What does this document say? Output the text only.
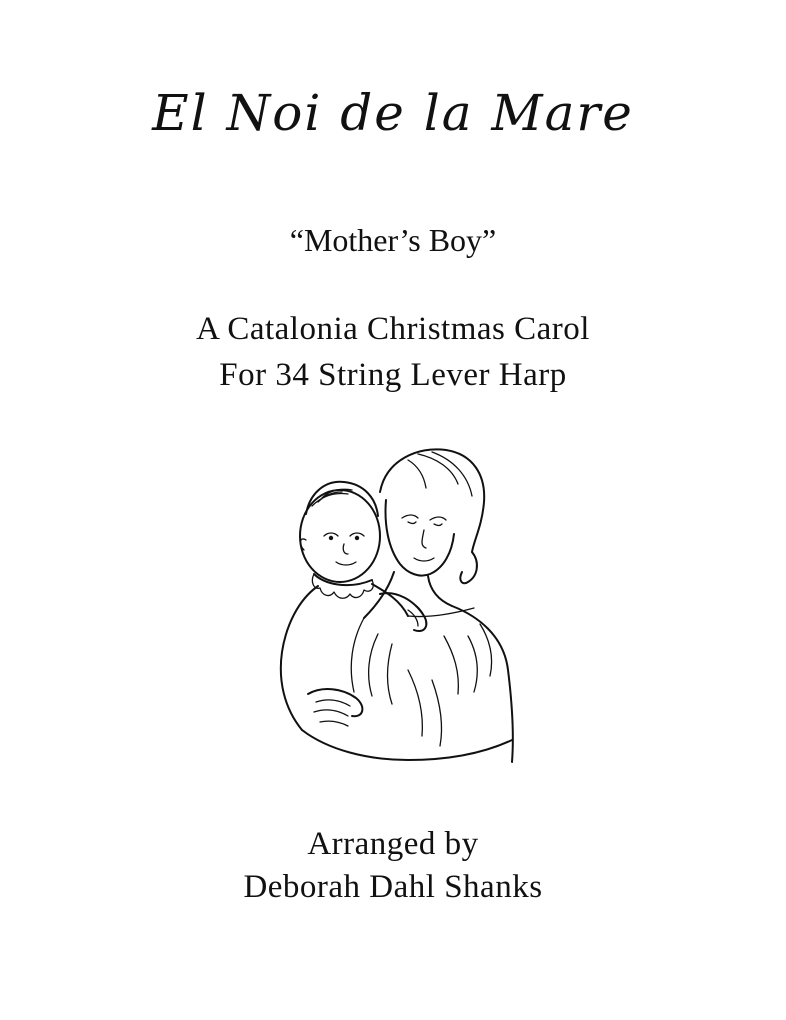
El Noi de la Mare
“Mother’s Boy”
A Catalonia Christmas Carol
For 34 String Lever Harp
Arranged by
Deborah Dahl Shanks
